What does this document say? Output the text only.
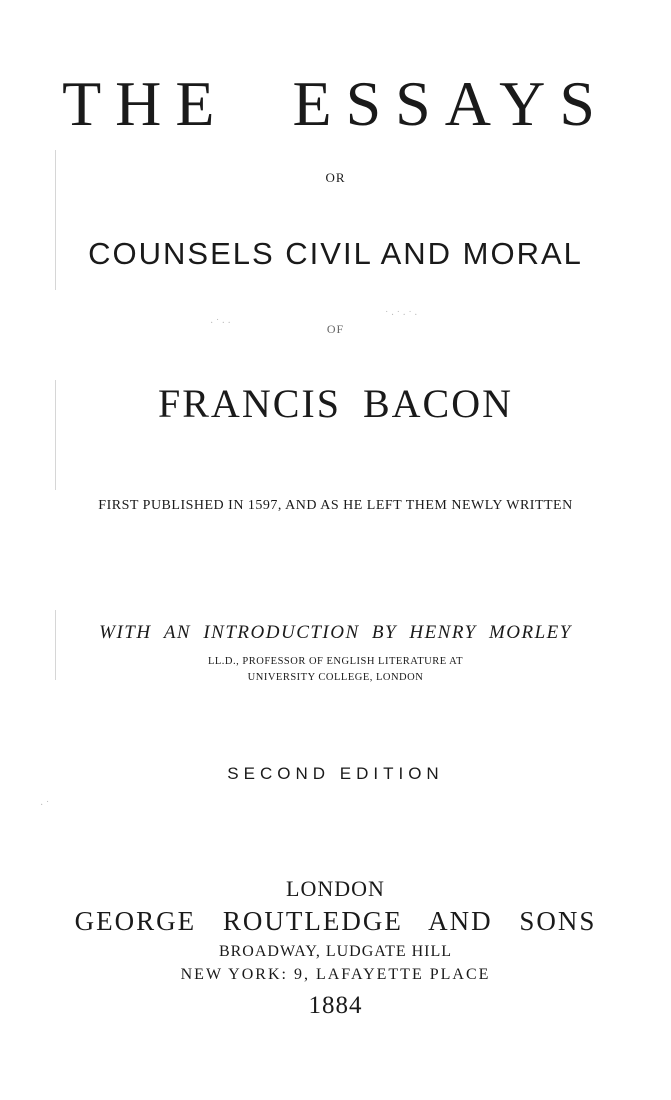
THE ESSAYS
OR
COUNSELS CIVIL AND MORAL
OF
FRANCIS BACON
FIRST PUBLISHED IN 1597, AND AS HE LEFT THEM NEWLY WRITTEN
WITH AN INTRODUCTION BY HENRY MORLEY
LL.D., PROFESSOR OF ENGLISH LITERATURE AT
UNIVERSITY COLLEGE, LONDON
SECOND EDITION
LONDON
GEORGE ROUTLEDGE AND SONS
BROADWAY, LUDGATE HILL
NEW YORK: 9, LAFAYETTE PLACE
1884
· ˙ · ·
˙ · ˙ · ˙ ·
· ˙
